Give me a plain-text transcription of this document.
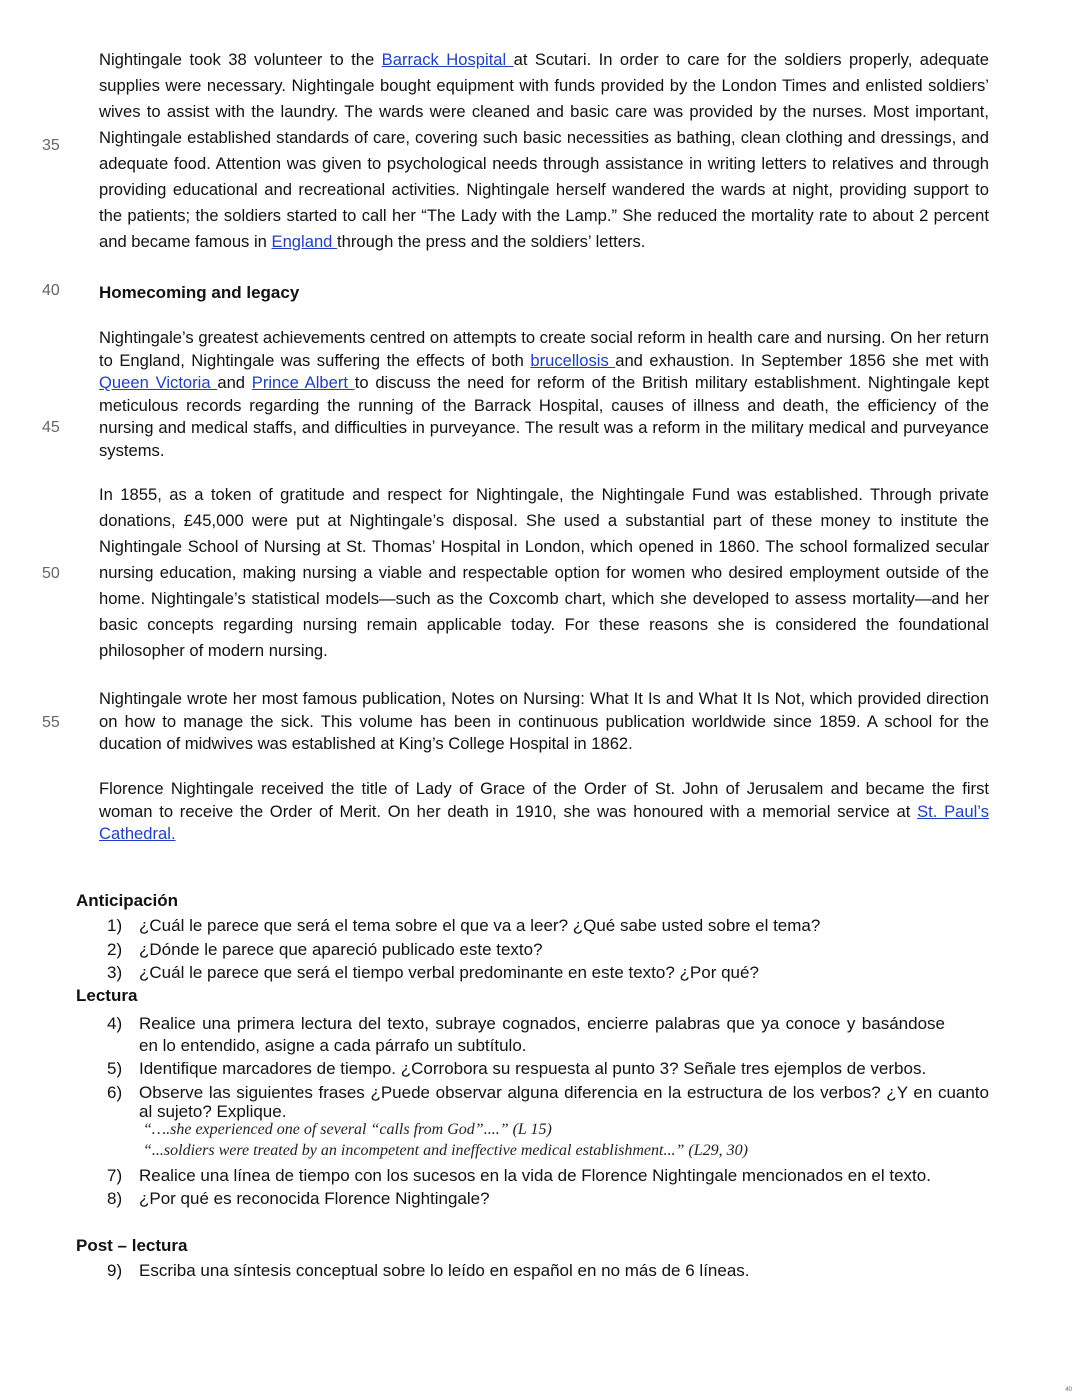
35
40
45
50
55

Nightingale took 38 volunteer to the Barrack Hospital at Scutari. In order to care for the soldiers properly, adequate supplies were necessary. Nightingale bought equipment with funds provided by the London Times and enlisted soldiers’ wives to assist with the laundry. The wards were cleaned and basic care was provided by the nurses. Most important, Nightingale established standards of care, covering such basic necessities as bathing, clean clothing and dressings, and adequate food. Attention was given to psychological needs through assistance in writing letters to relatives and through providing educational and recreational activities. Nightingale herself wandered the wards at night, providing support to the patients; the soldiers started to call her “The Lady with the Lamp.” She reduced the mortality rate to about 2 percent and became famous in England through the press and the soldiers’ letters.

Homecoming and legacy

Nightingale’s greatest achievements centred on attempts to create social reform in health care and nursing. On her return to England, Nightingale was suffering the effects of both brucellosis and exhaustion. In September 1856 she met with Queen Victoria and Prince Albert to discuss the need for reform of the British military establishment. Nightingale kept meticulous records regarding the running of the Barrack Hospital, causes of illness and death, the efficiency of the nursing and medical staffs, and difficulties in purveyance. The result was a reform in the military medical and purveyance systems.

In 1855, as a token of gratitude and respect for Nightingale, the Nightingale Fund was established. Through private donations, £45,000 were put at Nightingale’s disposal. She used a substantial part of these money to institute the Nightingale School of Nursing at St. Thomas’ Hospital in London, which opened in 1860. The school formalized secular nursing education, making nursing a viable and respectable option for women who desired employment outside of the home. Nightingale’s statistical models—such as the Coxcomb chart, which she developed to assess mortality—and her basic concepts regarding nursing remain applicable today. For these reasons she is considered the foundational philosopher of modern nursing.

Nightingale wrote her most famous publication, Notes on Nursing: What It Is and What It Is Not, which provided direction on how to manage the sick. This volume has been in continuous publication worldwide since 1859. A school for the ducation of midwives was established at King’s College Hospital in 1862.

Florence Nightingale received the title of Lady of Grace of the Order of St. John of Jerusalem and became the first woman to receive the Order of Merit. On her death in 1910, she was honoured with a memorial service at St. Paul’s Cathedral.

Anticipación
1) ¿Cuál le parece que será el tema sobre el que va a leer? ¿Qué sabe usted sobre el tema?
2) ¿Dónde le parece que apareció publicado este texto?
3) ¿Cuál le parece que será el tiempo verbal predominante en este texto? ¿Por qué?
Lectura
4) Realice una primera lectura del texto, subraye cognados, encierre palabras que ya conoce y basándose en lo entendido, asigne a cada párrafo un subtítulo.
5) Identifique marcadores de tiempo. ¿Corrobora su respuesta al punto 3? Señale tres ejemplos de verbos.
6) Observe las siguientes frases ¿Puede observar alguna diferencia en la estructura de los verbos? ¿Y en cuanto al sujeto? Explique.
“….she experienced one of several “calls from God”....” (L 15)
“...soldiers were treated by an incompetent and ineffective medical establishment...” (L29, 30)
7) Realice una línea de tiempo con los sucesos en la vida de Florence Nightingale mencionados en el texto.
8) ¿Por qué es reconocida Florence Nightingale?
Post – lectura
9) Escriba una síntesis conceptual sobre lo leído en español en no más de 6 líneas.
40
